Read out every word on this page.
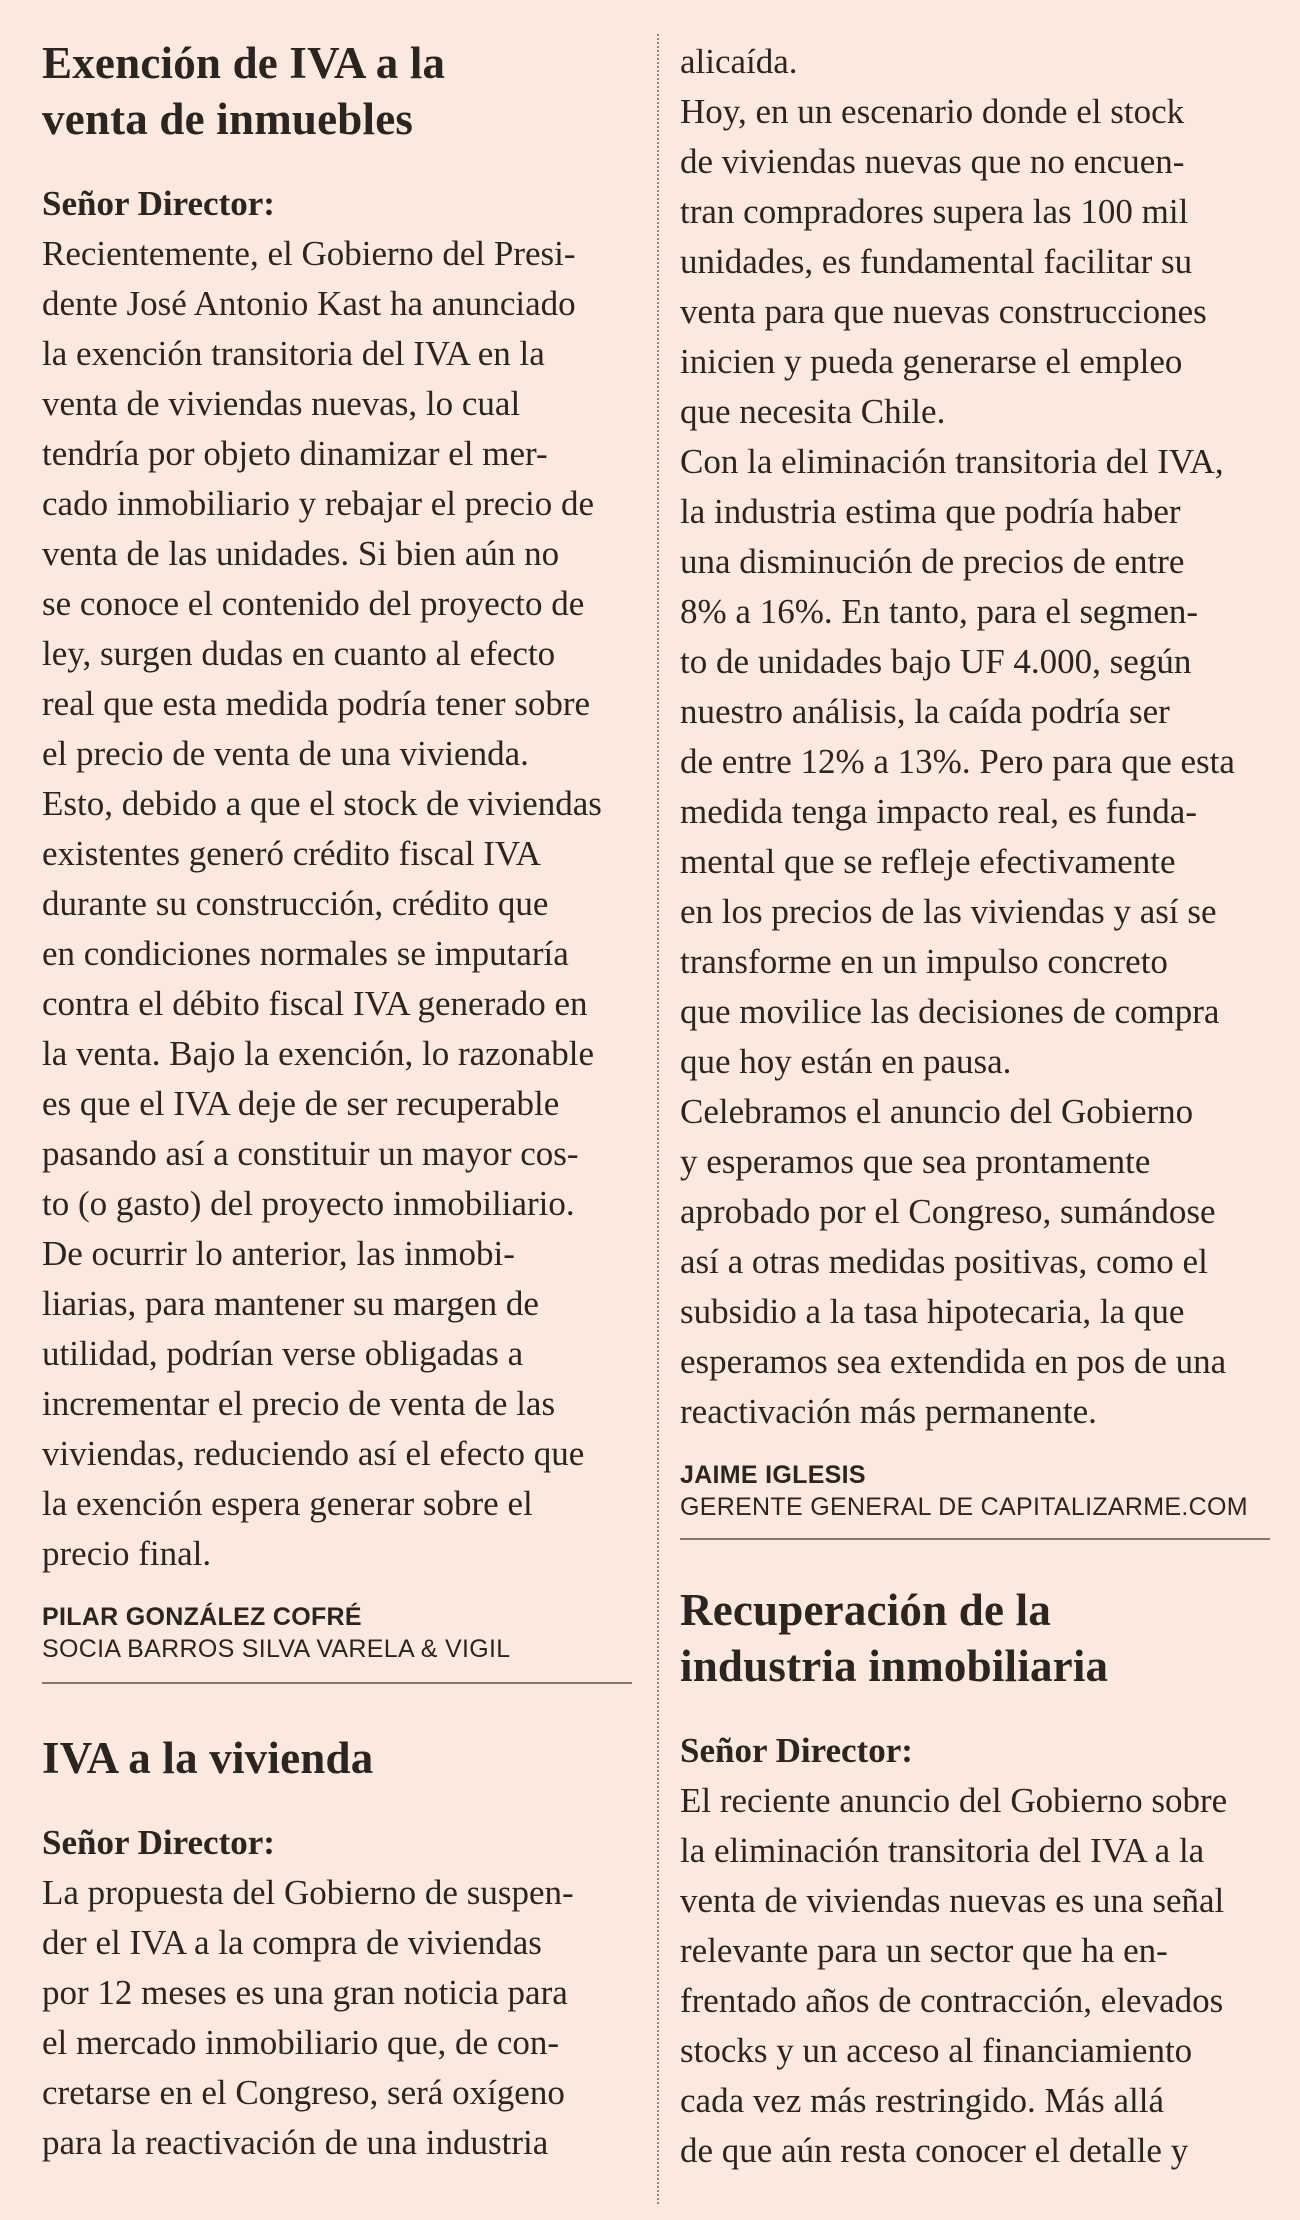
Exención de IVA a la
venta de inmuebles

Señor Director:

Recientemente, el Gobierno del Presi-
dente José Antonio Kast ha anunciado
la exención transitoria del IVA en la
venta de viviendas nuevas, lo cual
tendría por objeto dinamizar el mer-
cado inmobiliario y rebajar el precio de
venta de las unidades. Si bien aún no
se conoce el contenido del proyecto de
ley, surgen dudas en cuanto al efecto
real que esta medida podría tener sobre
el precio de venta de una vivienda.

Esto, debido a que el stock de viviendas
existentes generó crédito fiscal IVA
durante su construcción, crédito que
en condiciones normales se imputaría
contra el débito fiscal IVA generado en
la venta. Bajo la exención, lo razonable
es que el IVA deje de ser recuperable
pasando así a constituir un mayor cos-
to (o gasto) del proyecto inmobiliario.

De ocurrir lo anterior, las inmobi-
liarias, para mantener su margen de
utilidad, podrían verse obligadas a
incrementar el precio de venta de las
viviendas, reduciendo así el efecto que
la exención espera generar sobre el
precio final.

PILAR GONZÁLEZ COFRÉ
SOCIA BARROS SILVA VARELA & VIGIL
IVA a la vivienda

Señor Director:

La propuesta del Gobierno de suspen-
der el IVA a la compra de viviendas
por 12 meses es una gran noticia para
el mercado inmobiliario que, de con-
cretarse en el Congreso, será oxígeno
para la reactivación de una industria

alicaída.

Hoy, en un escenario donde el stock
de viviendas nuevas que no encuen-
tran compradores supera las 100 mil
unidades, es fundamental facilitar su
venta para que nuevas construcciones
inicien y pueda generarse el empleo
que necesita Chile.

Con la eliminación transitoria del IVA,
la industria estima que podría haber
una disminución de precios de entre
8% a 16%. En tanto, para el segmen-
to de unidades bajo UF 4.000, según
nuestro análisis, la caída podría ser
de entre 12% a 13%. Pero para que esta
medida tenga impacto real, es funda-
mental que se refleje efectivamente
en los precios de las viviendas y así se
transforme en un impulso concreto
que movilice las decisiones de compra
que hoy están en pausa.

Celebramos el anuncio del Gobierno
y esperamos que sea prontamente
aprobado por el Congreso, sumándose
así a otras medidas positivas, como el
subsidio a la tasa hipotecaria, la que
esperamos sea extendida en pos de una
reactivación más permanente.

JAIME IGLESIS
GERENTE GENERAL DE CAPITALIZARME.COM
Recuperación de la
industria inmobiliaria

Señor Director:

El reciente anuncio del Gobierno sobre
la eliminación transitoria del IVA a la
venta de viviendas nuevas es una señal
relevante para un sector que ha en-
frentado años de contracción, elevados
stocks y un acceso al financiamiento
cada vez más restringido. Más allá
de que aún resta conocer el detalle y
